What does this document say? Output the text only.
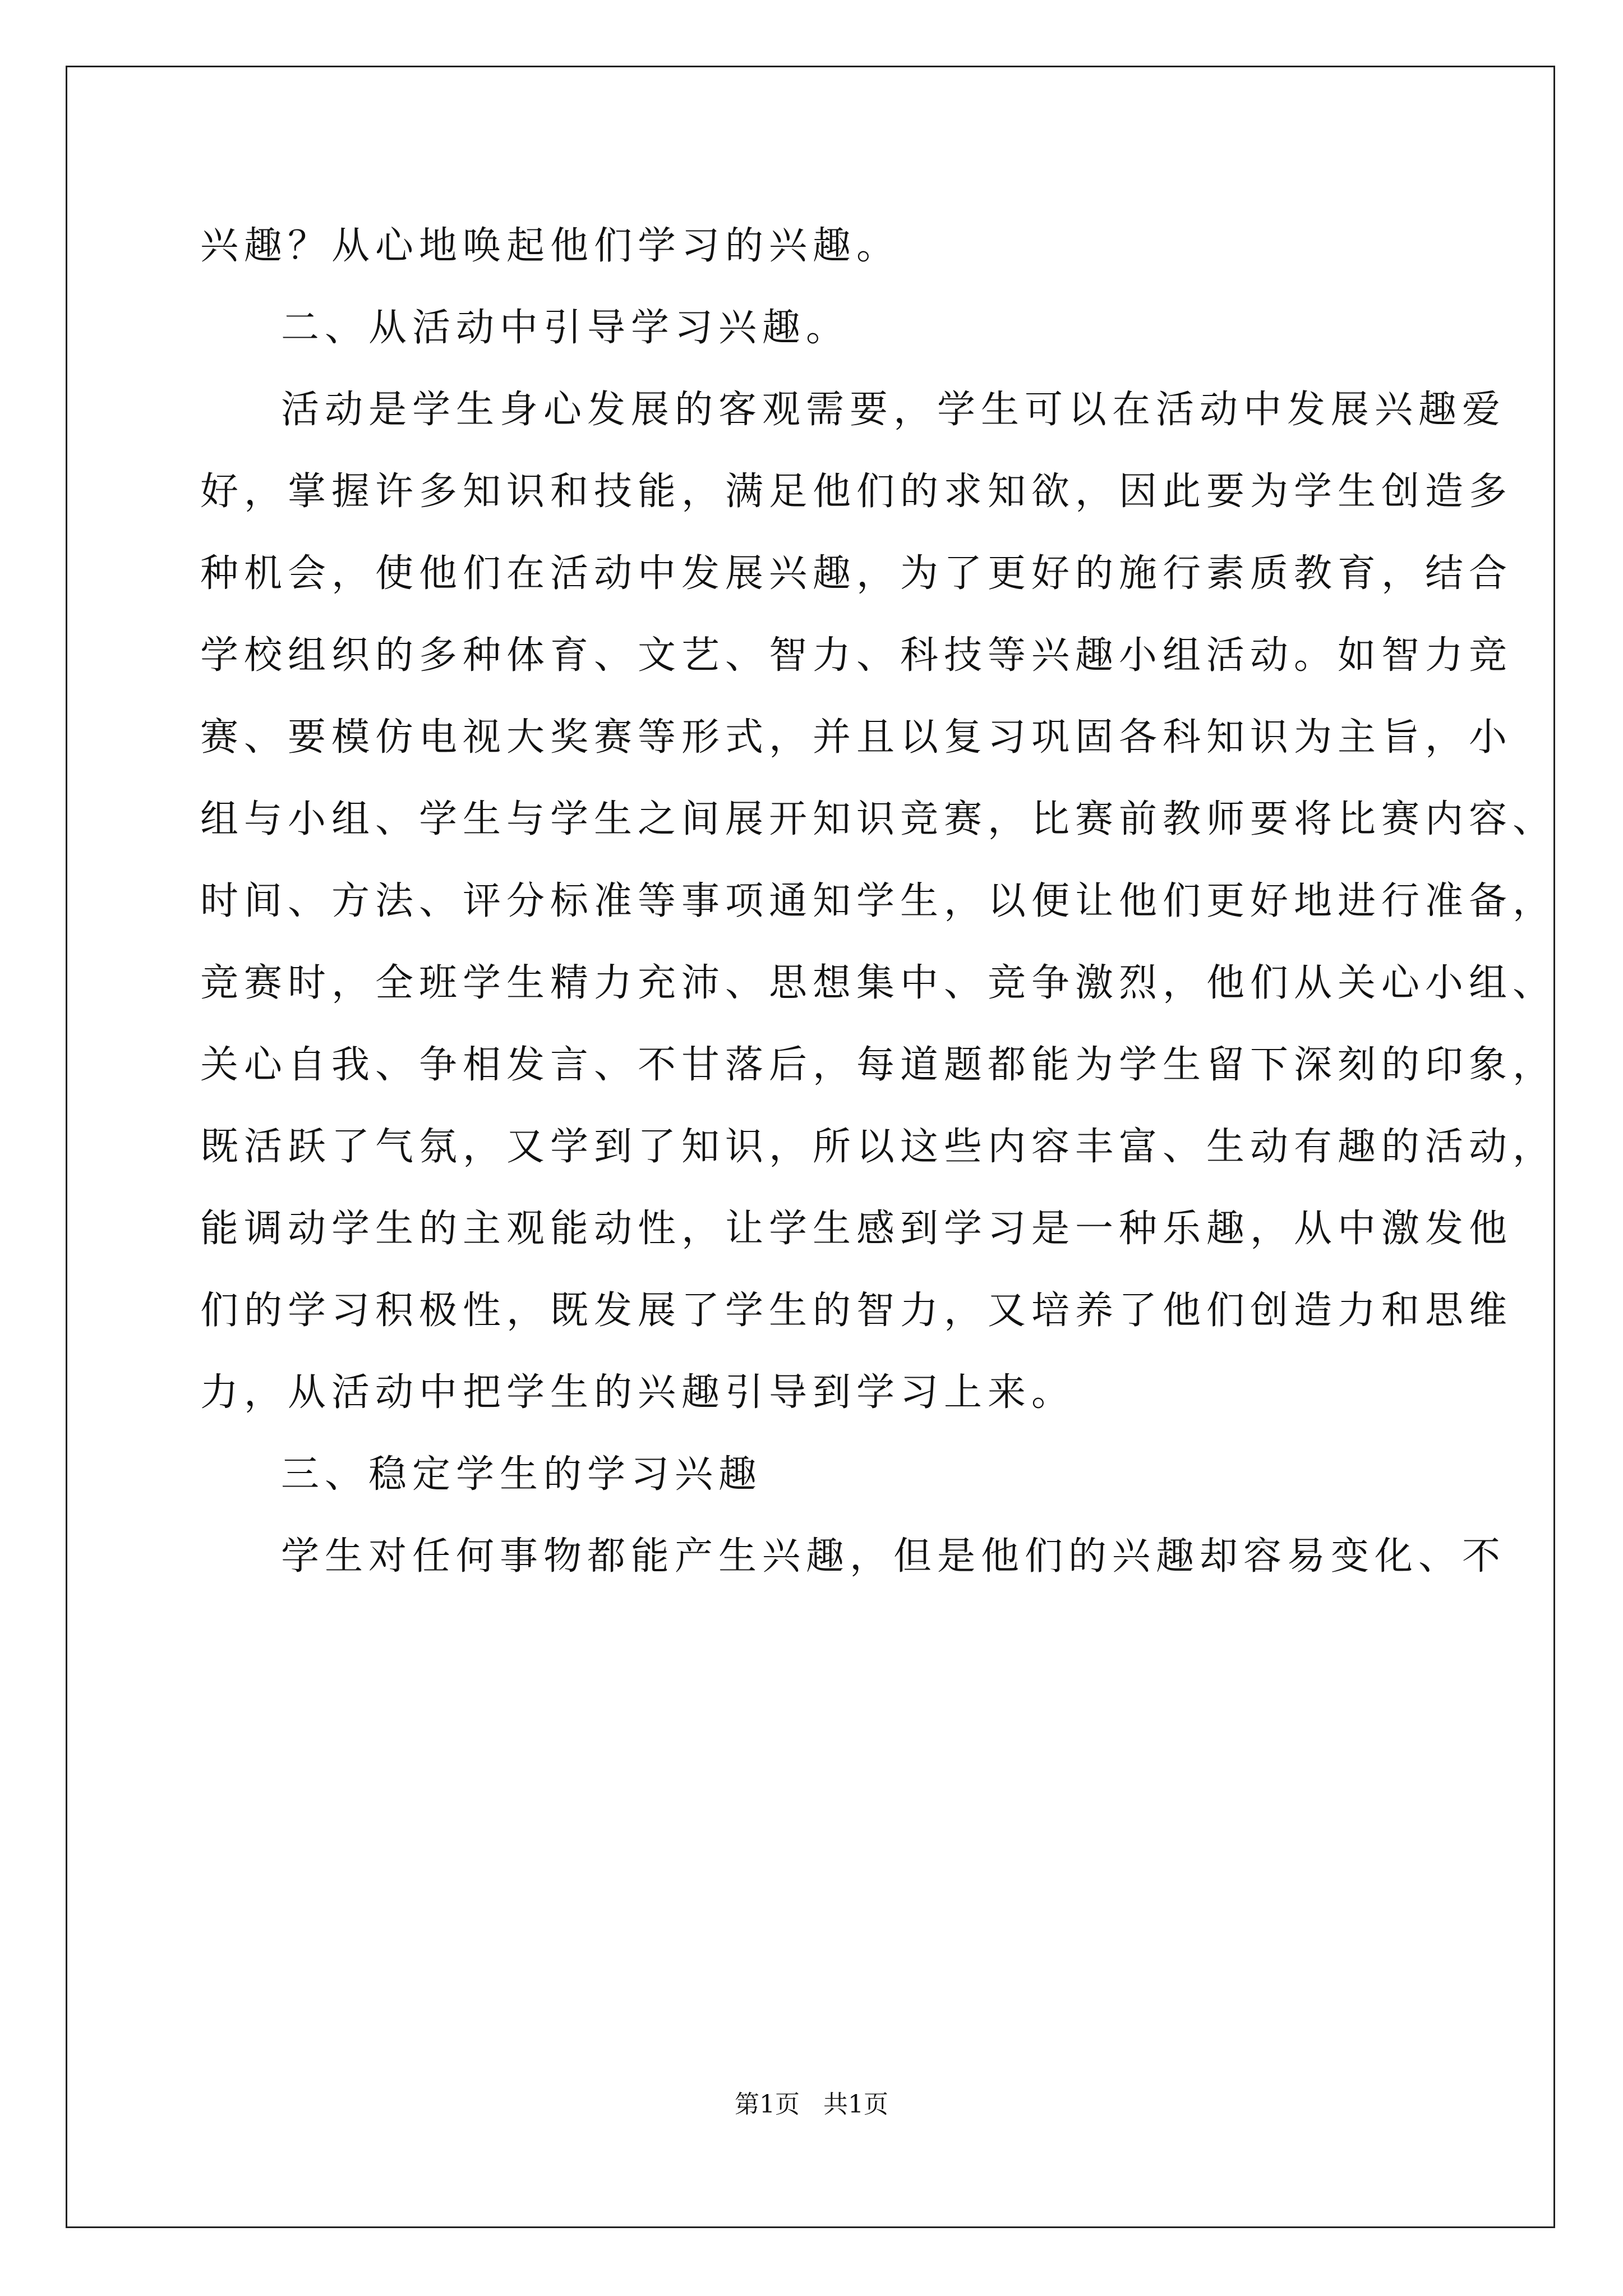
兴趣？从心地唤起他们学习的兴趣。
二、从活动中引导学习兴趣。
活动是学生身心发展的客观需要，学生可以在活动中发展兴趣爱
好，掌握许多知识和技能，满足他们的求知欲，因此要为学生创造多
种机会，使他们在活动中发展兴趣，为了更好的施行素质教育，结合
学校组织的多种体育、文艺、智力、科技等兴趣小组活动。如智力竞
赛、要模仿电视大奖赛等形式，并且以复习巩固各科知识为主旨，小
组与小组、学生与学生之间展开知识竞赛，比赛前教师要将比赛内容、
时间、方法、评分标准等事项通知学生，以便让他们更好地进行准备，
竞赛时，全班学生精力充沛、思想集中、竞争激烈，他们从关心小组、
关心自我、争相发言、不甘落后，每道题都能为学生留下深刻的印象，
既活跃了气氛，又学到了知识，所以这些内容丰富、生动有趣的活动，
能调动学生的主观能动性，让学生感到学习是一种乐趣，从中激发他
们的学习积极性，既发展了学生的智力，又培养了他们创造力和思维
力，从活动中把学生的兴趣引导到学习上来。
三、稳定学生的学习兴趣
学生对任何事物都能产生兴趣，但是他们的兴趣却容易变化、不
第1页   共1页
